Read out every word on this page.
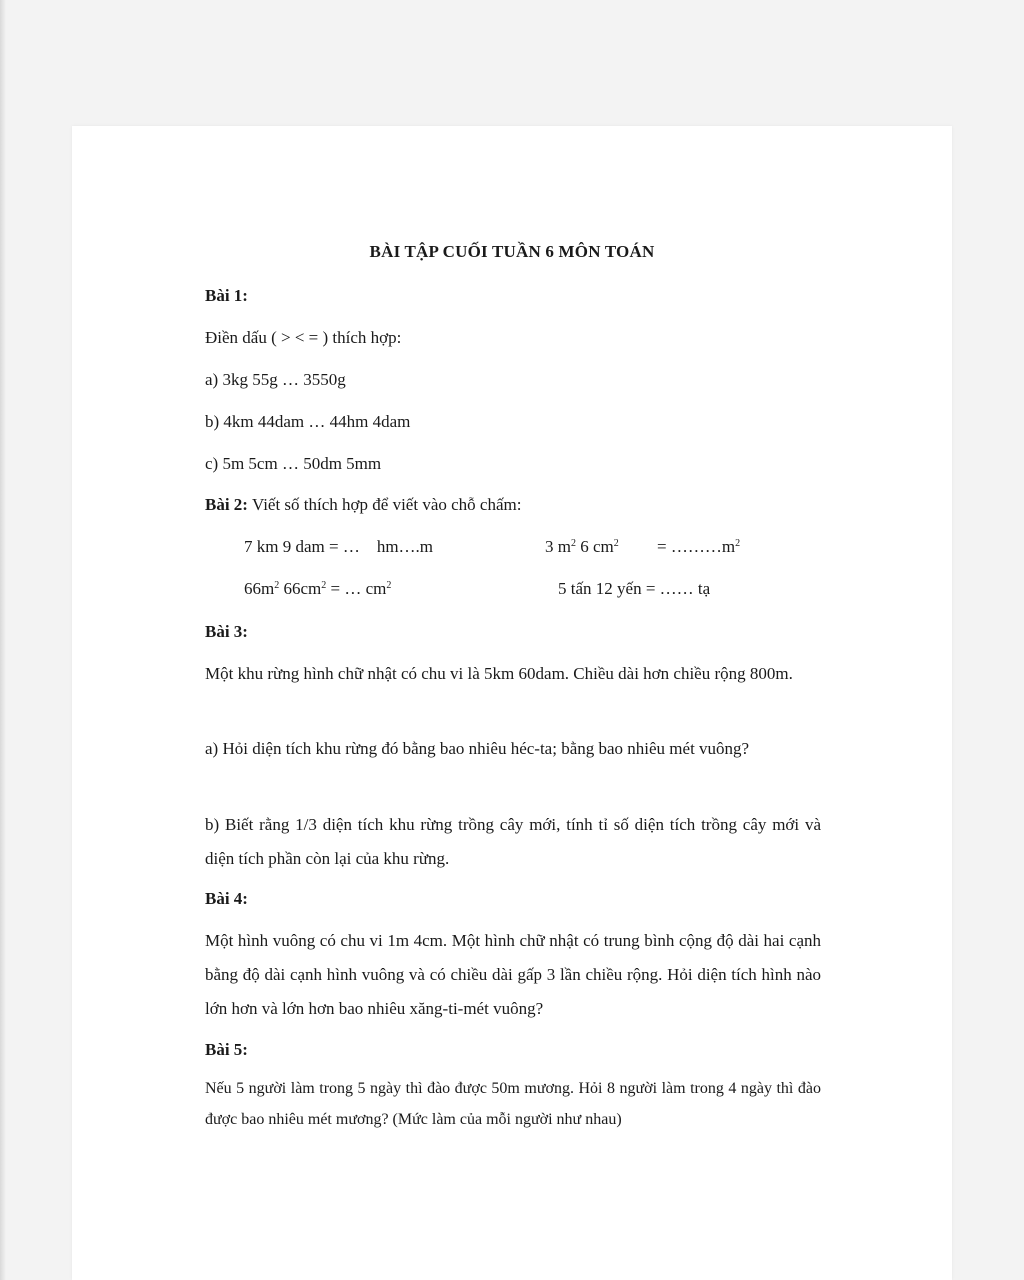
BÀI TẬP CUỐI TUẦN 6 MÔN TOÁN
Bài 1:
Điền dấu ( > < = ) thích hợp:
a) 3kg 55g … 3550g
b) 4km 44dam … 44hm 4dam
c) 5m 5cm … 50dm 5mm
Bài 2: Viết số thích hợp để viết vào chỗ chấm:
7 km 9 dam = …    hm….m	3 $m^2$ 6 $cm^2$ = $\dots\dots\dots m^2$
$66m^2$ $66cm^2$ = … $cm^2$	5 tấn 12 yến = …… tạ
Bài 3:
Một khu rừng hình chữ nhật có chu vi là 5km 60dam. Chiều dài hơn chiều rộng 800m.
a) Hỏi diện tích khu rừng đó bằng bao nhiêu héc-ta; bằng bao nhiêu mét vuông?
b) Biết rằng 1/3 diện tích khu rừng trồng cây mới, tính tỉ số diện tích trồng cây mới và diện tích phần còn lại của khu rừng.
Bài 4:
Một hình vuông có chu vi 1m 4cm. Một hình chữ nhật có trung bình cộng độ dài hai cạnh bằng độ dài cạnh hình vuông và có chiều dài gấp 3 lần chiều rộng. Hỏi diện tích hình nào lớn hơn và lớn hơn bao nhiêu xăng-ti-mét vuông?
Bài 5:
Nếu 5 người làm trong 5 ngày thì đào được 50m mương. Hỏi 8 người làm trong 4 ngày thì đào được bao nhiêu mét mương? (Mức làm của mỗi người như nhau)
